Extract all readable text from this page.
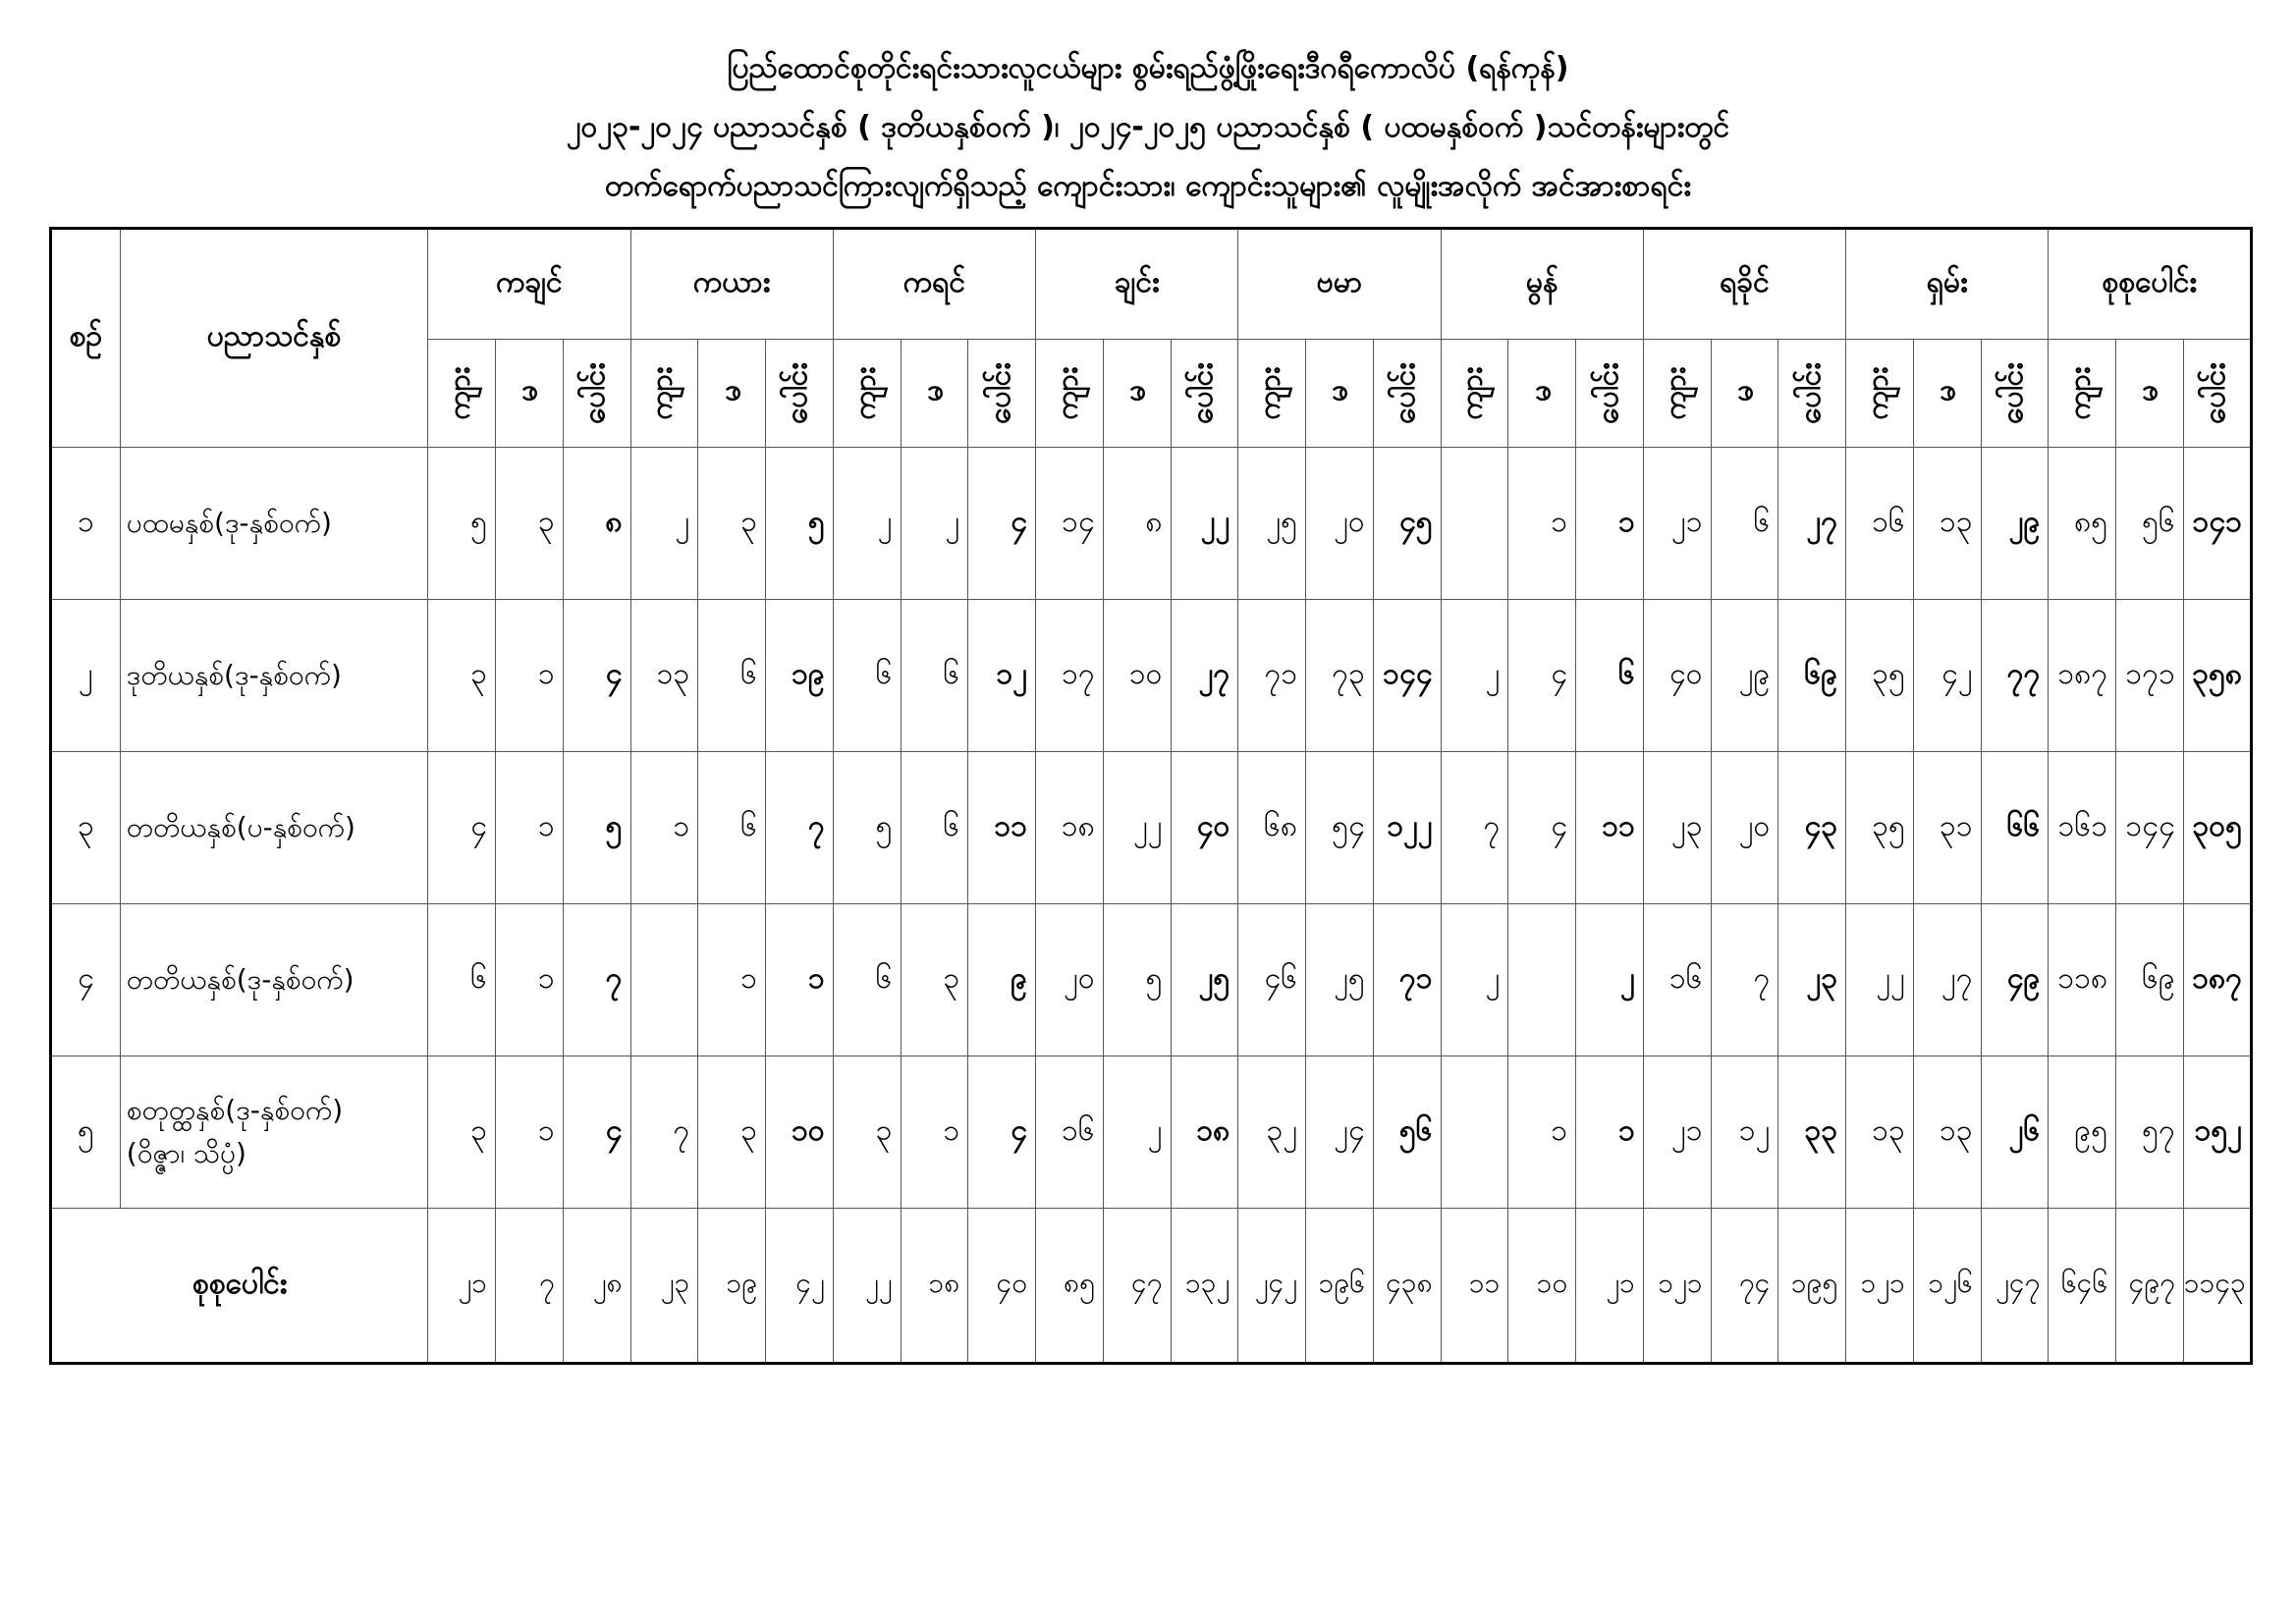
ပြည်ထောင်စုတိုင်းရင်းသားလူငယ်များ စွမ်းရည်ဖွံ့ဖြိုးရေးဒီဂရီကောလိပ် (ရန်ကုန်)
၂၀၂၃-၂၀၂၄ ပညာသင်နှစ် ( ဒုတိယနှစ်ဝက် )၊ ၂၀၂၄-၂၀၂၅ ပညာသင်နှစ် ( ပထမနှစ်ဝက် )သင်တန်းများတွင်
တက်ရောက်ပညာသင်ကြားလျက်ရှိသည့် ကျောင်းသား၊ ကျောင်းသူများ၏ လူမျိုးအလိုက် အင်အားစာရင်း
စဉ်	ပညာသင်နှစ်	ကချင်			ကယား			ကရင်			ချင်း			ဗမာ			မွန်			ရခိုင်			ရှမ်း			စုစုပေါင်း		
		ကျား	မ	ပေါင်း	ကျား	မ	ပေါင်း	ကျား	မ	ပေါင်း	ကျား	မ	ပေါင်း	ကျား	မ	ပေါင်း	ကျား	မ	ပေါင်း	ကျား	မ	ပေါင်း	ကျား	မ	ပေါင်း	ကျား	မ	ပေါင်း
၁	ပထမနှစ်(ဒု-နှစ်ဝက်)	၅	၃	၈	၂	၃	၅	၂	၂	၄	၁၄	၈	၂၂	၂၅	၂၀	၄၅		၁	၁	၂၁	၆	၂၇	၁၆	၁၃	၂၉	၈၅	၅၆	၁၄၁
၂	ဒုတိယနှစ်(ဒု-နှစ်ဝက်)	၃	၁	၄	၁၃	၆	၁၉	၆	၆	၁၂	၁၇	၁၀	၂၇	၇၁	၇၃	၁၄၄	၂	၄	၆	၄၀	၂၉	၆၉	၃၅	၄၂	၇၇	၁၈၇	၁၇၁	၃၅၈
၃	တတိယနှစ်(ပ-နှစ်ဝက်)	၄	၁	၅	၁	၆	၇	၅	၆	၁၁	၁၈	၂၂	၄၀	၆၈	၅၄	၁၂၂	၇	၄	၁၁	၂၃	၂၀	၄၃	၃၅	၃၁	၆၆	၁၆၁	၁၄၄	၃၀၅
၄	တတိယနှစ်(ဒု-နှစ်ဝက်)	၆	၁	၇		၁	၁	၆	၃	၉	၂၀	၅	၂၅	၄၆	၂၅	၇၁	၂		၂	၁၆	၇	၂၃	၂၂	၂၇	၄၉	၁၁၈	၆၉	၁၈၇
၅	စတုတ္ထနှစ်(ဒု-နှစ်ဝက်)
(ဝိဇ္ဇာ၊ သိပ္ပံ)	၃	၁	၄	၇	၃	၁၀	၃	၁	၄	၁၆	၂	၁၈	၃၂	၂၄	၅၆		၁	၁	၂၁	၁၂	၃၃	၁၃	၁၃	၂၆	၉၅	၅၇	၁၅၂
စုစုပေါင်း		၂၁	၇	၂၈	၂၃	၁၉	၄၂	၂၂	၁၈	၄၀	၈၅	၄၇	၁၃၂	၂၄၂	၁၉၆	၄၃၈	၁၁	၁၀	၂၁	၁၂၁	၇၄	၁၉၅	၁၂၁	၁၂၆	၂၄၇	၆၄၆	၄၉၇	၁၁၄၃
